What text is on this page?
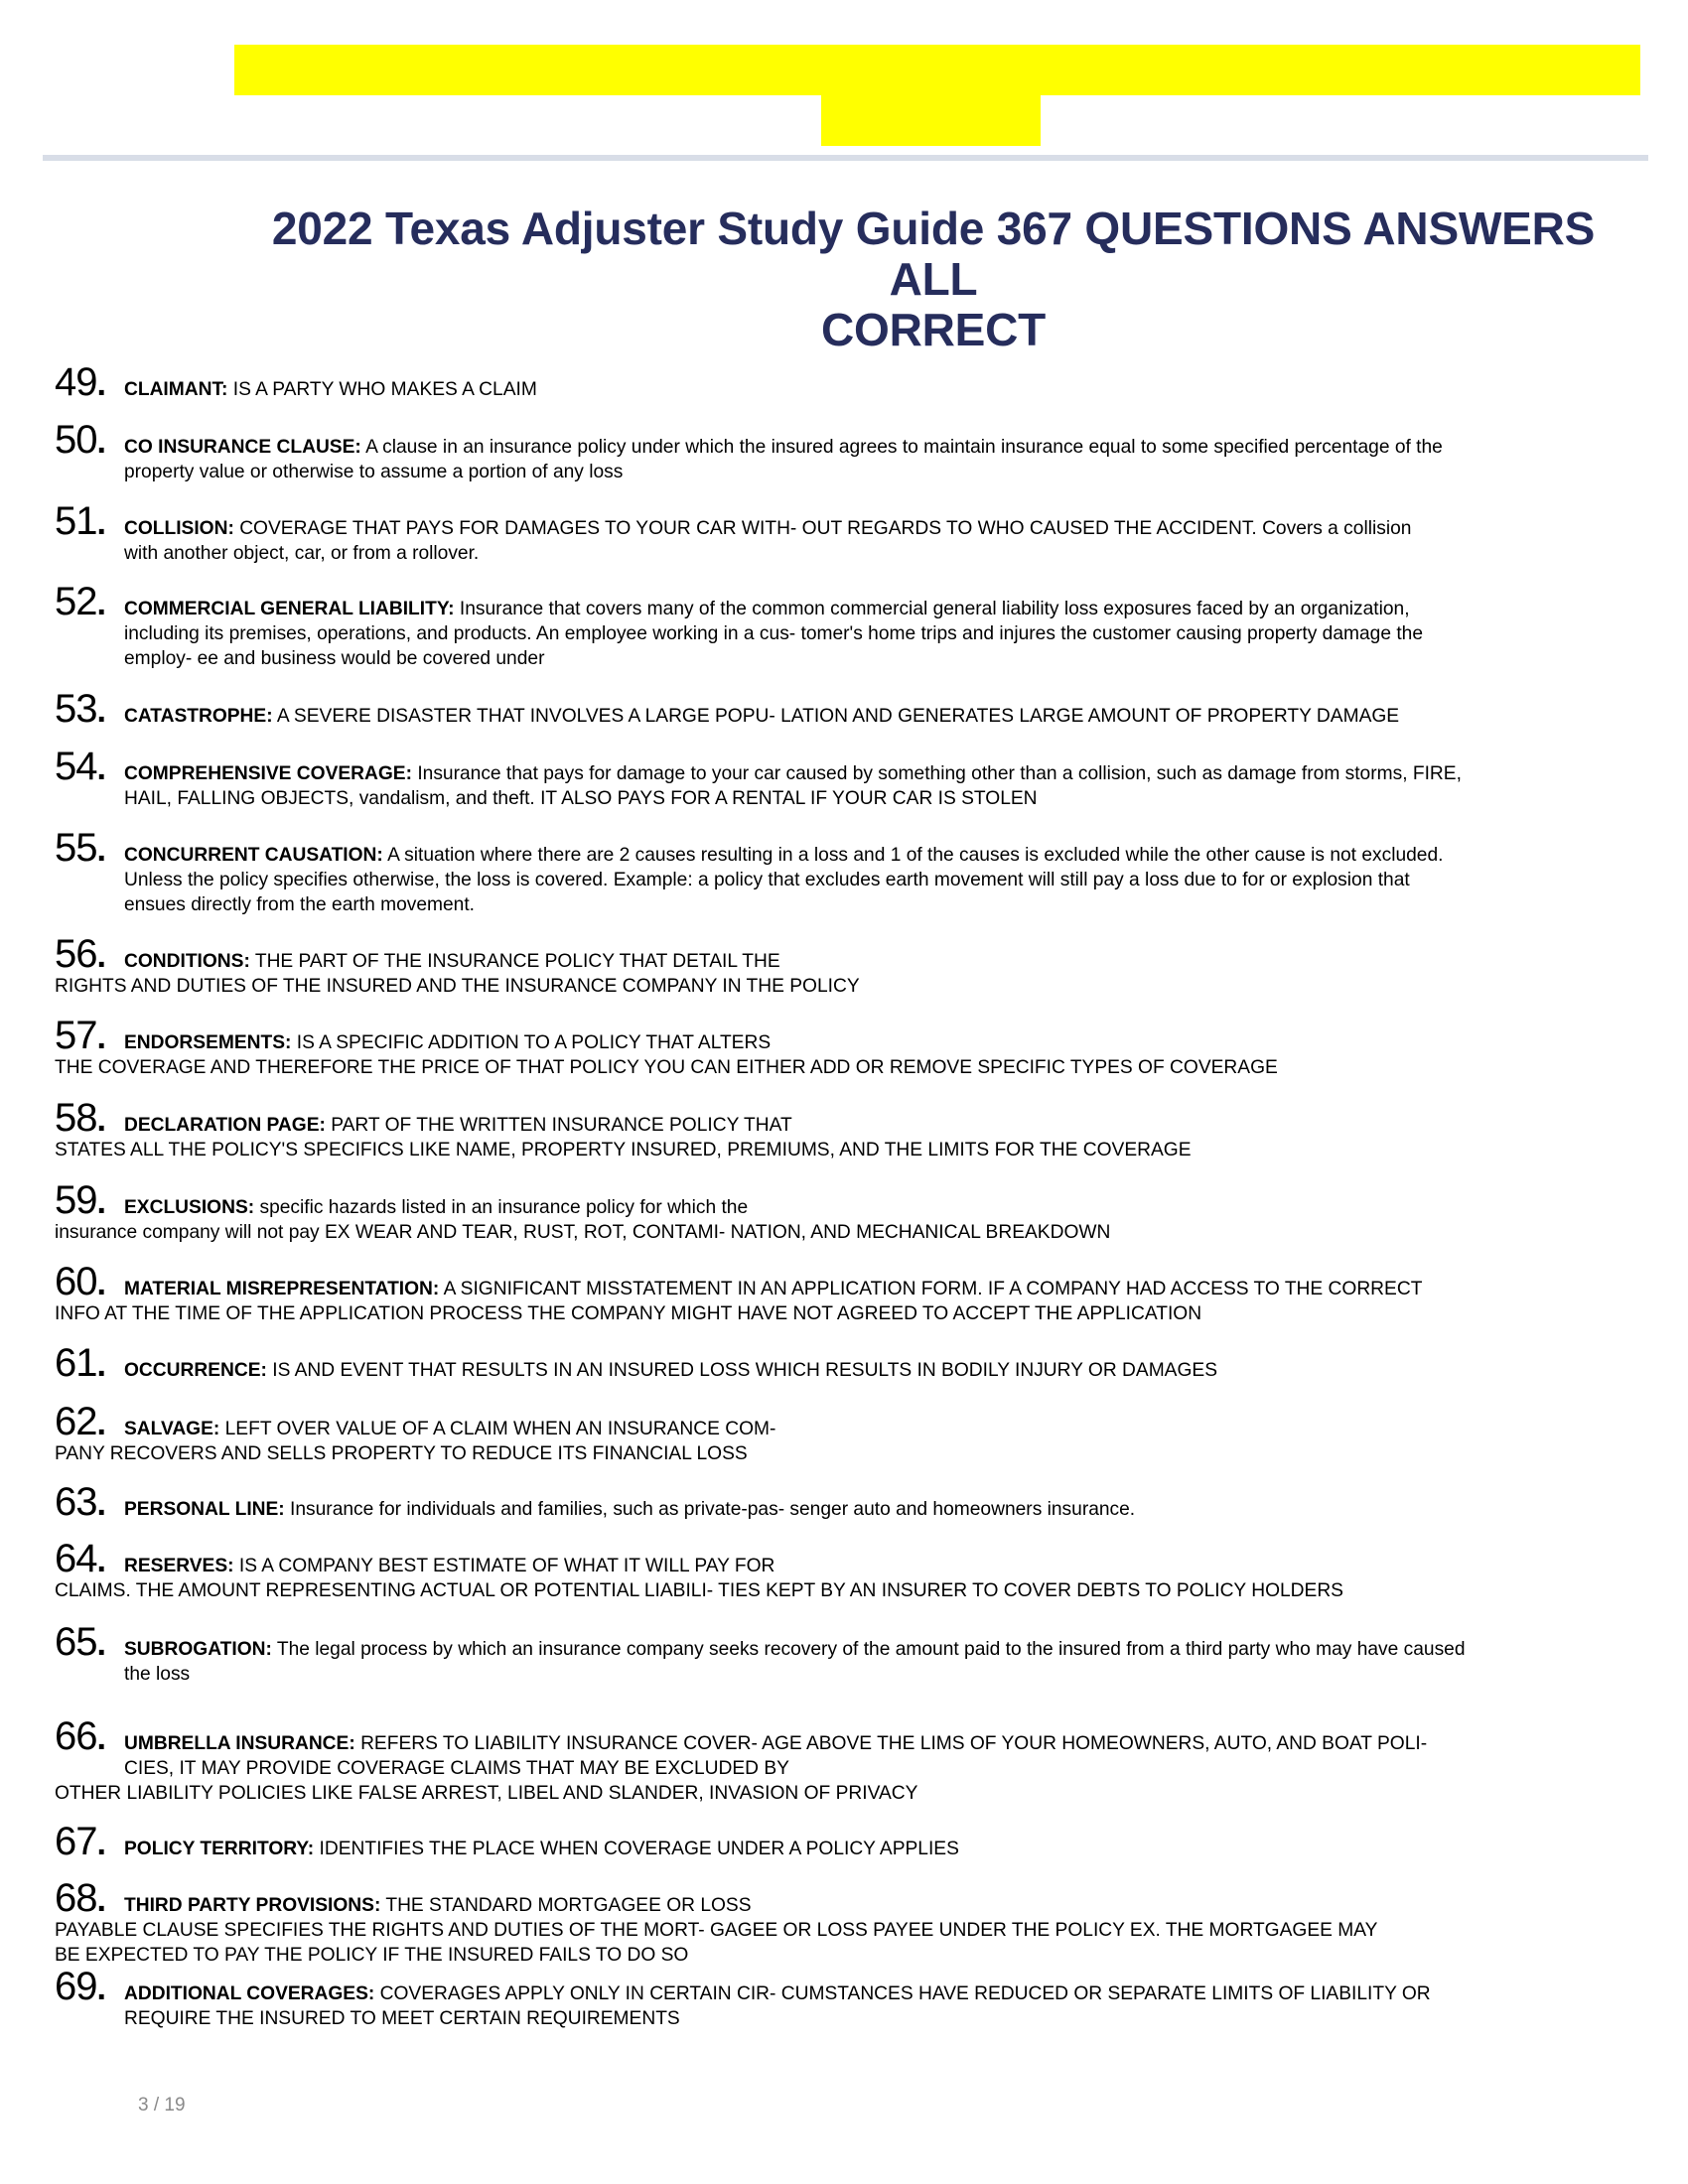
2022 Texas Adjuster Study Guide 367 QUESTIONS ANSWERS ALL
CORRECT
49. CLAIMANT: IS A PARTY WHO MAKES A CLAIM
50. CO INSURANCE CLAUSE: A clause in an insurance policy under which the insured agrees to maintain insurance equal to some specified percentage of the
property value or otherwise to assume a portion of any loss
51. COLLISION: COVERAGE THAT PAYS FOR DAMAGES TO YOUR CAR WITH- OUT REGARDS TO WHO CAUSED THE ACCIDENT. Covers a collision
with another object, car, or from a rollover.
52. COMMERCIAL GENERAL LIABILITY: Insurance that covers many of the common commercial general liability loss exposures faced by an organization,
including its premises, operations, and products. An employee working in a cus- tomer's home trips and injures the customer causing property damage the
employ- ee and business would be covered under
53. CATASTROPHE: A SEVERE DISASTER THAT INVOLVES A LARGE POPU- LATION AND GENERATES LARGE AMOUNT OF PROPERTY DAMAGE
54. COMPREHENSIVE COVERAGE: Insurance that pays for damage to your car caused by something other than a collision, such as damage from storms, FIRE,
HAIL, FALLING OBJECTS, vandalism, and theft. IT ALSO PAYS FOR A RENTAL IF YOUR CAR IS STOLEN
55. CONCURRENT CAUSATION: A situation where there are 2 causes resulting in a loss and 1 of the causes is excluded while the other cause is not excluded.
Unless the policy specifies otherwise, the loss is covered. Example: a policy that excludes earth movement will still pay a loss due to for or explosion that
ensues directly from the earth movement.
56. CONDITIONS: THE PART OF THE INSURANCE POLICY THAT DETAIL THE
RIGHTS AND DUTIES OF THE INSURED AND THE INSURANCE COMPANY IN THE POLICY
57. ENDORSEMENTS: IS A SPECIFIC ADDITION TO A POLICY THAT ALTERS
THE COVERAGE AND THEREFORE THE PRICE OF THAT POLICY YOU CAN EITHER ADD OR REMOVE SPECIFIC TYPES OF COVERAGE
58. DECLARATION PAGE: PART OF THE WRITTEN INSURANCE POLICY THAT
STATES ALL THE POLICY'S SPECIFICS LIKE NAME, PROPERTY INSURED, PREMIUMS, AND THE LIMITS FOR THE COVERAGE
59. EXCLUSIONS: specific hazards listed in an insurance policy for which the
insurance company will not pay EX WEAR AND TEAR, RUST, ROT, CONTAMI- NATION, AND MECHANICAL BREAKDOWN
60. MATERIAL MISREPRESENTATION: A SIGNIFICANT MISSTATEMENT IN AN APPLICATION FORM. IF A COMPANY HAD ACCESS TO THE CORRECT
INFO AT THE TIME OF THE APPLICATION PROCESS THE COMPANY MIGHT HAVE NOT AGREED TO ACCEPT THE APPLICATION
61. OCCURRENCE: IS AND EVENT THAT RESULTS IN AN INSURED LOSS WHICH RESULTS IN BODILY INJURY OR DAMAGES
62. SALVAGE: LEFT OVER VALUE OF A CLAIM WHEN AN INSURANCE COM-
PANY RECOVERS AND SELLS PROPERTY TO REDUCE ITS FINANCIAL LOSS
63. PERSONAL LINE: Insurance for individuals and families, such as private-pas- senger auto and homeowners insurance.
64. RESERVES: IS A COMPANY BEST ESTIMATE OF WHAT IT WILL PAY FOR
CLAIMS. THE AMOUNT REPRESENTING ACTUAL OR POTENTIAL LIABILI- TIES KEPT BY AN INSURER TO COVER DEBTS TO POLICY HOLDERS
65. SUBROGATION: The legal process by which an insurance company seeks recovery of the amount paid to the insured from a third party who may have caused
the loss
66. UMBRELLA INSURANCE: REFERS TO LIABILITY INSURANCE COVER- AGE ABOVE THE LIMS OF YOUR HOMEOWNERS, AUTO, AND BOAT POLI-
CIES, IT MAY PROVIDE COVERAGE CLAIMS THAT MAY BE EXCLUDED BY
OTHER LIABILITY POLICIES LIKE FALSE ARREST, LIBEL AND SLANDER, INVASION OF PRIVACY
67. POLICY TERRITORY: IDENTIFIES THE PLACE WHEN COVERAGE UNDER A POLICY APPLIES
68. THIRD PARTY PROVISIONS: THE STANDARD MORTGAGEE OR LOSS
PAYABLE CLAUSE SPECIFIES THE RIGHTS AND DUTIES OF THE MORT- GAGEE OR LOSS PAYEE UNDER THE POLICY EX. THE MORTGAGEE MAY
BE EXPECTED TO PAY THE POLICY IF THE INSURED FAILS TO DO SO
69. ADDITIONAL COVERAGES: COVERAGES APPLY ONLY IN CERTAIN CIR- CUMSTANCES HAVE REDUCED OR SEPARATE LIMITS OF LIABILITY OR
REQUIRE THE INSURED TO MEET CERTAIN REQUIREMENTS
3 / 19
